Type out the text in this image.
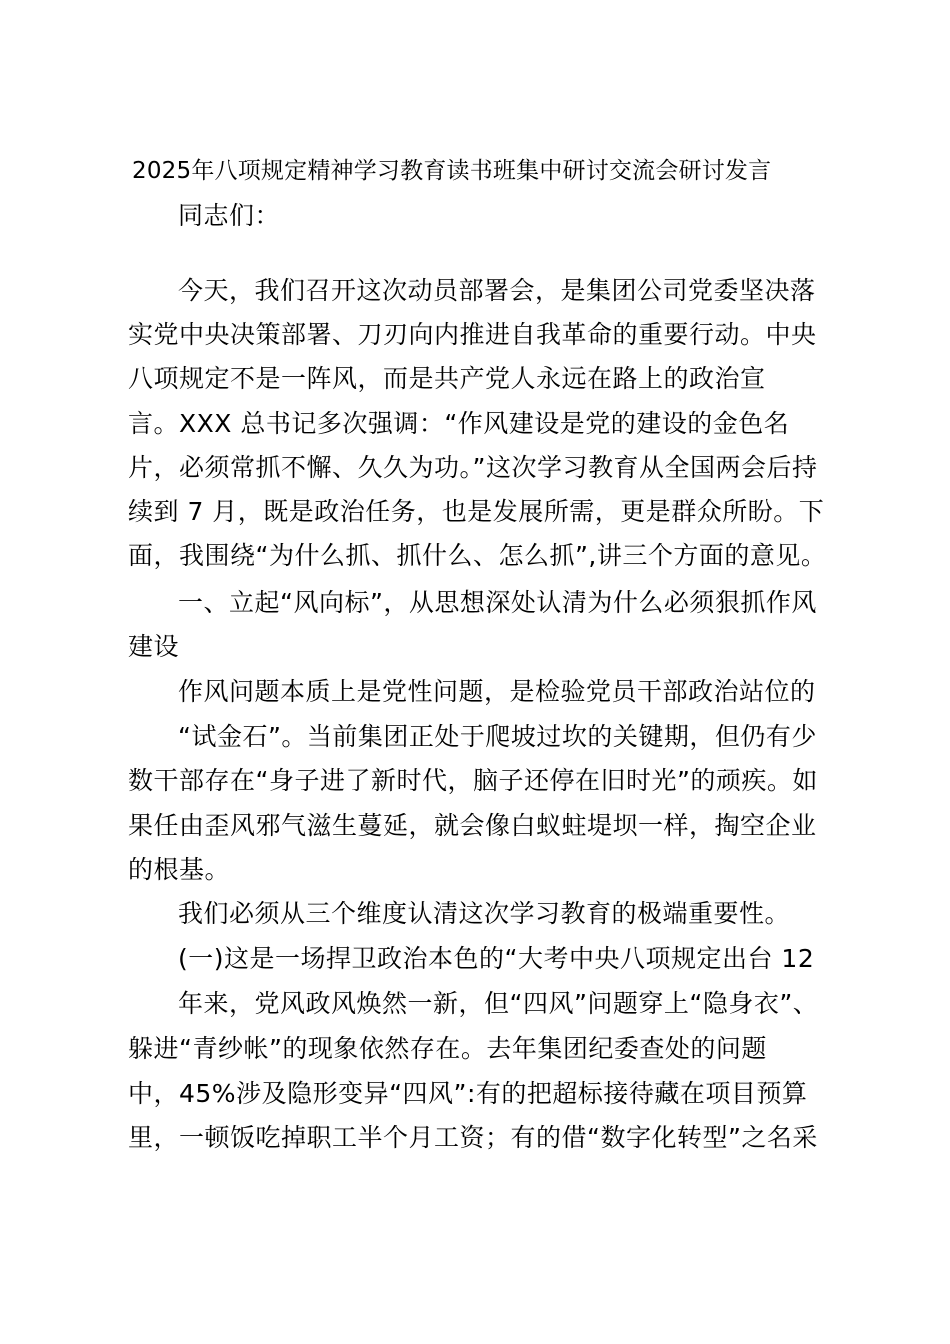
2025年八项规定精神学习教育读书班集中研讨交流会研讨发言
同志们：
今天，我们召开这次动员部署会，是集团公司党委坚决落
实党中央决策部署、刀刃向内推进自我革命的重要行动。中央
八项规定不是一阵风，而是共产党人永远在路上的政治宣
言。XXX 总书记多次强调：“作风建设是党的建设的金色名
片，必须常抓不懈、久久为功。”这次学习教育从全国两会后持
续到 7 月，既是政治任务，也是发展所需，更是群众所盼。下
面，我围绕“为什么抓、抓什么、怎么抓”,讲三个方面的意见。
一、立起“风向标”，从思想深处认清为什么必须狠抓作风
建设
作风问题本质上是党性问题，是检验党员干部政治站位的
“试金石”。当前集团正处于爬坡过坎的关键期，但仍有少
数干部存在“身子进了新时代，脑子还停在旧时光”的顽疾。如
果任由歪风邪气滋生蔓延，就会像白蚁蛀堤坝一样，掏空企业
的根基。
我们必须从三个维度认清这次学习教育的极端重要性。
(一)这是一场捍卫政治本色的“大考中央八项规定出台 12
年来，党风政风焕然一新，但“四风”问题穿上“隐身衣”、
躲进“青纱帐”的现象依然存在。去年集团纪委查处的问题
中，45%涉及隐形变异“四风”:有的把超标接待藏在项目预算
里，一顿饭吃掉职工半个月工资；有的借“数字化转型”之名采
